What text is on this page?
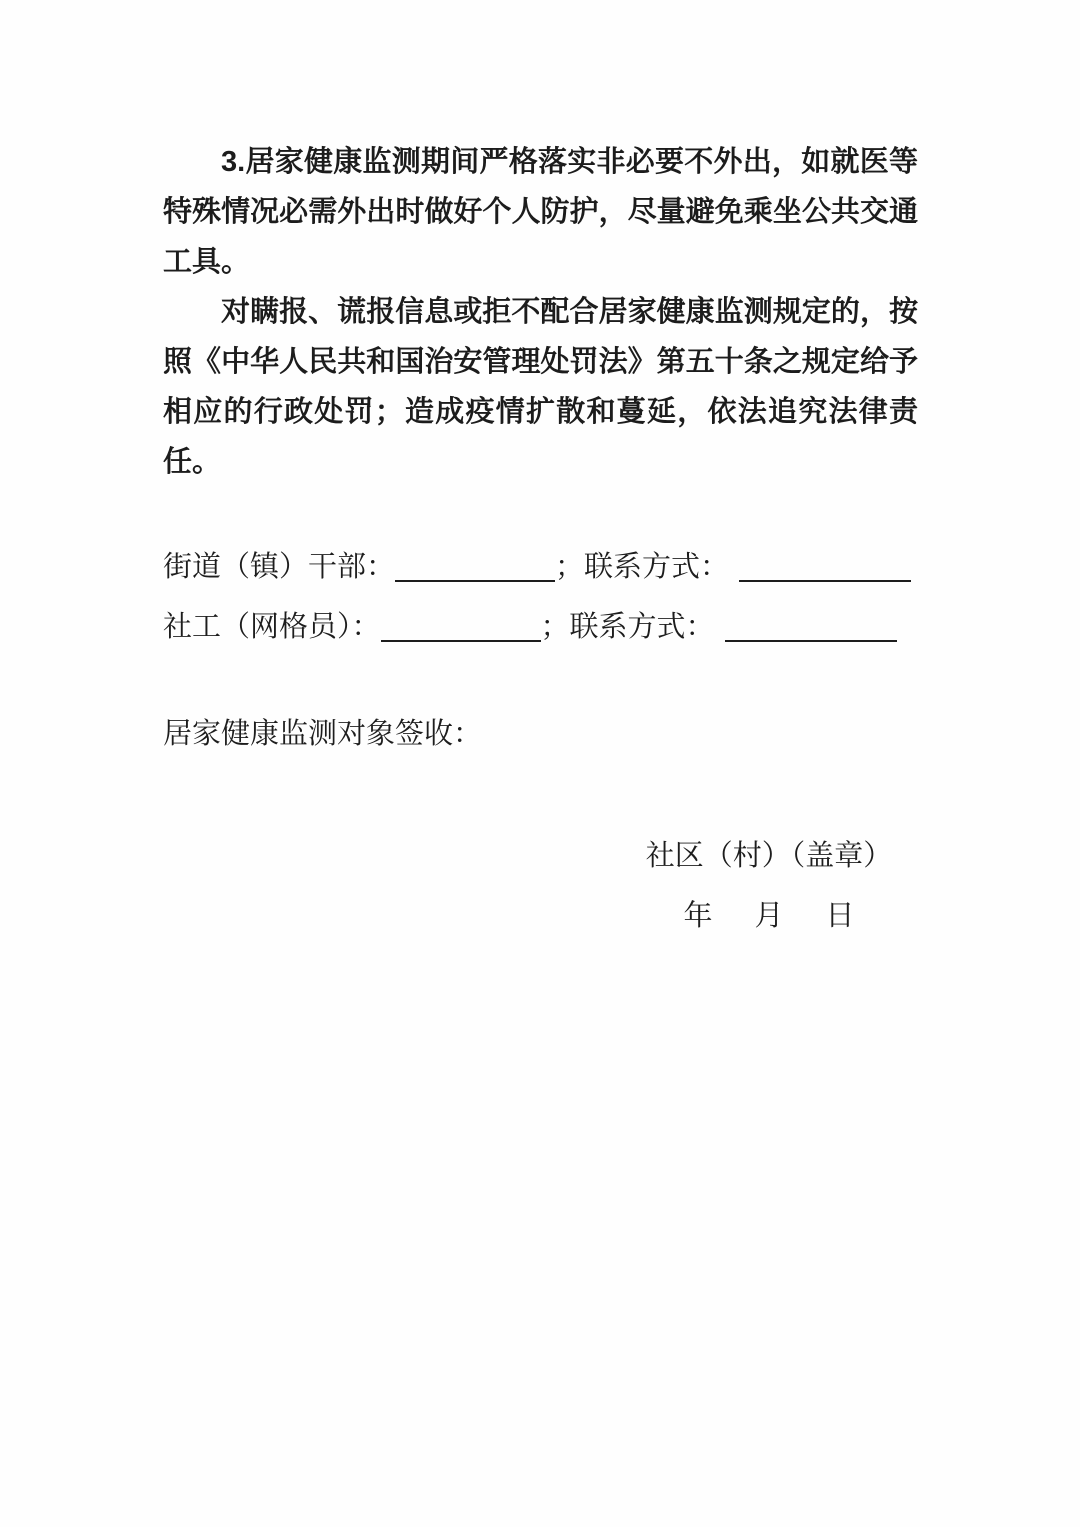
3.居家健康监测期间严格落实非必要不外出，如就医等特殊情况必需外出时做好个人防护，尽量避免乘坐公共交通工具。

对瞒报、谎报信息或拒不配合居家健康监测规定的，按照《中华人民共和国治安管理处罚法》第五十条之规定给予相应的行政处罚；造成疫情扩散和蔓延，依法追究法律责任。

街道（镇）干部：	；联系方式：
社工（网格员）：	；联系方式：
居家健康监测对象签收：
社区（村）（盖章）
年 月 日
